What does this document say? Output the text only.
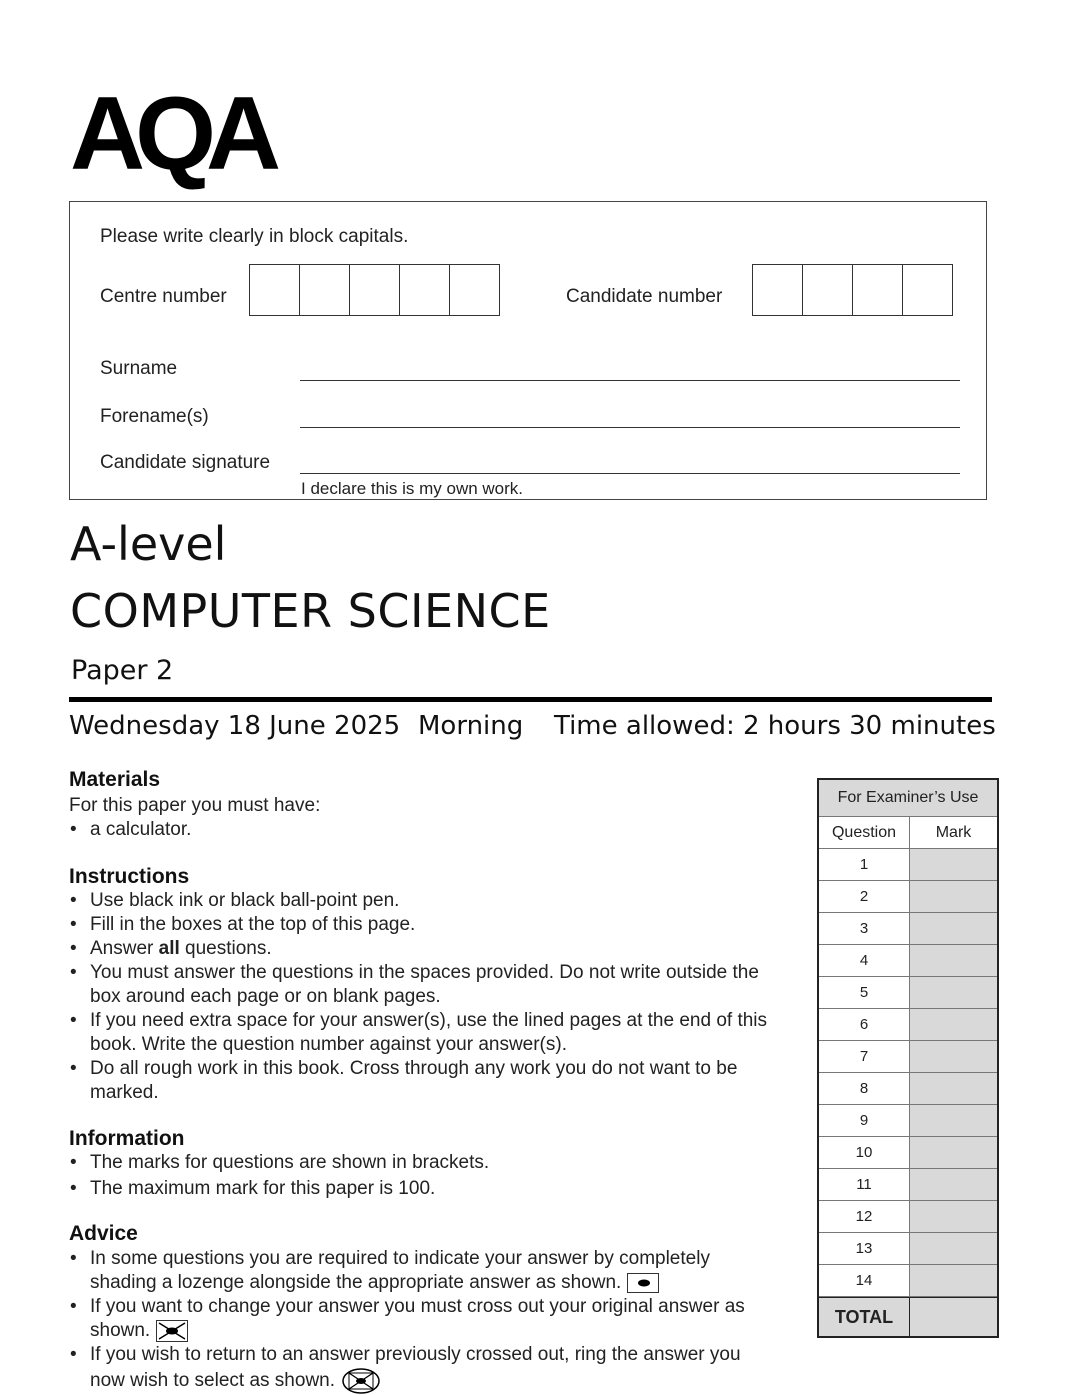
AQA
Please write clearly in block capitals.
Centre number	Candidate number
Surname
Forename(s)
Candidate signature
I declare this is my own work.
A-level
COMPUTER SCIENCE
Paper 2
Wednesday 18 June 2025 Morning Time allowed: 2 hours 30 minutes
Materials
For this paper you must have:
• a calculator.
Instructions
• Use black ink or black ball-point pen.
• Fill in the boxes at the top of this page.
• Answer all questions.
• You must answer the questions in the spaces provided. Do not write outside the box around each page or on blank pages.
• If you need extra space for your answer(s), use the lined pages at the end of this book. Write the question number against your answer(s).
• Do all rough work in this book. Cross through any work you do not want to be marked.
Information
• The marks for questions are shown in brackets.
• The maximum mark for this paper is 100.
Advice
• In some questions you are required to indicate your answer by completely shading a lozenge alongside the appropriate answer as shown.
• If you want to change your answer you must cross out your original answer as shown.
• If you wish to return to an answer previously crossed out, ring the answer you now wish to select as shown.
For Examiner’s Use
Question	Mark
1
2
3
4
5
6
7
8
9
10
11
12
13
14
TOTAL
